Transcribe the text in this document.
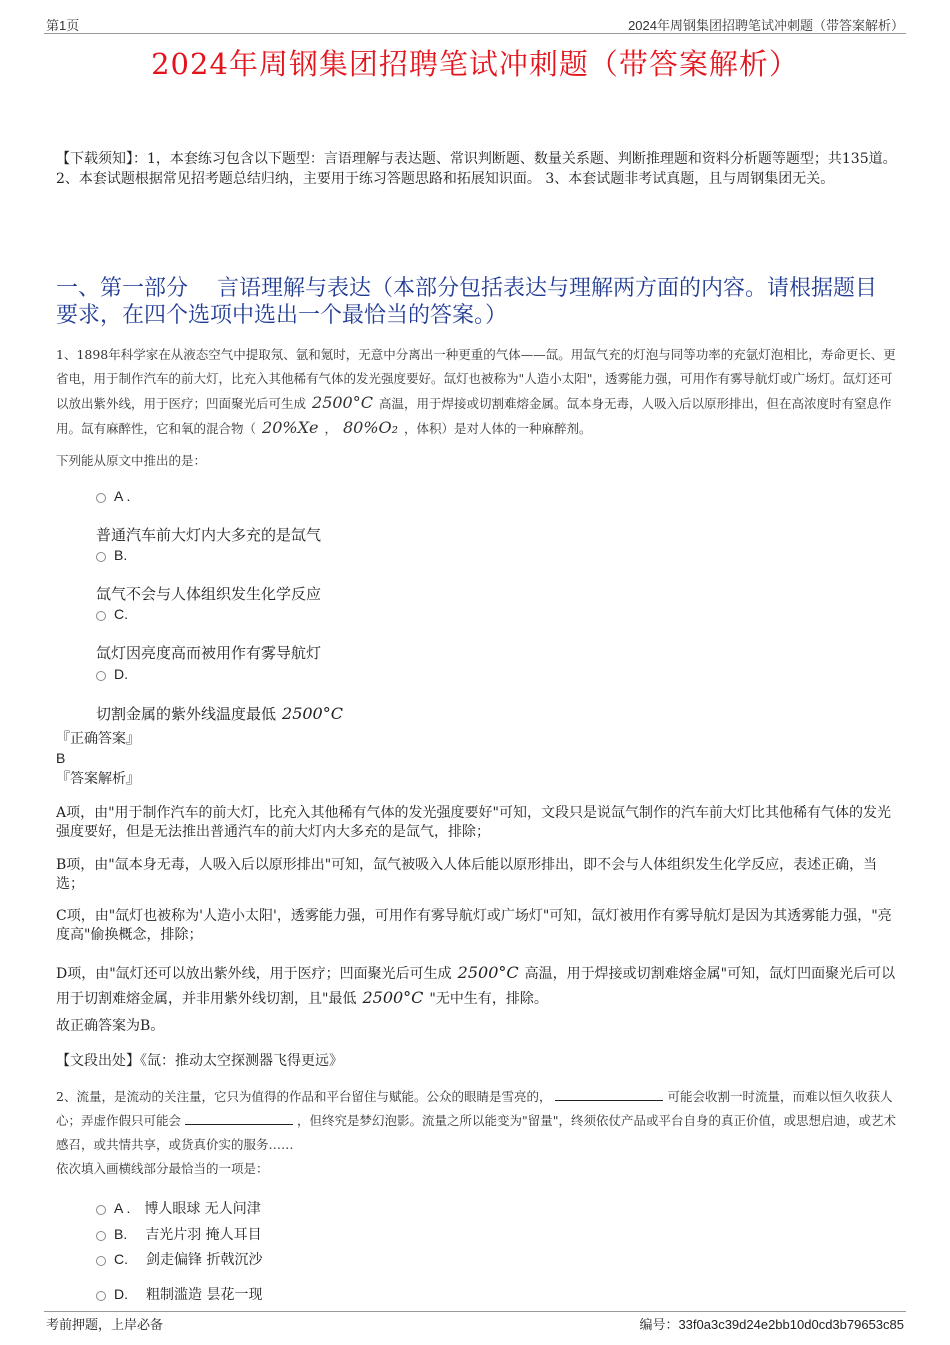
第1页	2024年周钢集团招聘笔试冲刺题（带答案解析）
2024年周钢集团招聘笔试冲刺题（带答案解析）
【下载须知】：1，本套练习包含以下题型：言语理解与表达题、常识判断题、数量关系题、判断推理题和资料分析题等题型；共135道。 2、本套试题根据常见招考题总结归纳，主要用于练习答题思路和拓展知识面。 3、本套试题非考试真题，且与周钢集团无关。
一、第一部分　 言语理解与表达（本部分包括表达与理解两方面的内容。请根据题目要求，在四个选项中选出一个最恰当的答案。）
1、1898年科学家在从液态空气中提取氖、氩和氪时，无意中分离出一种更重的气体——氙。用氙气充的灯泡与同等功率的充氩灯泡相比，寿命更长、更省电，用于制作汽车的前大灯，比充入其他稀有气体的发光强度要好。氙灯也被称为"人造小太阳"，透雾能力强，可用作有雾导航灯或广场灯。氙灯还可以放出紫外线，用于医疗；凹面聚光后可生成 2500°C 高温，用于焊接或切割难熔金属。氙本身无毒，人吸入后以原形排出，但在高浓度时有窒息作用。氙有麻醉性，它和氧的混合物（ 20%Xe ， 80%O₂ ，体积）是对人体的一种麻醉剂。
下列能从原文中推出的是：
A .
普通汽车前大灯内大多充的是氙气
B.
氙气不会与人体组织发生化学反应
C.
氙灯因亮度高而被用作有雾导航灯
D.
切割金属的紫外线温度最低 2500°C
『正确答案』
B
『答案解析』
A项，由"用于制作汽车的前大灯，比充入其他稀有气体的发光强度要好"可知，文段只是说氙气制作的汽车前大灯比其他稀有气体的发光强度要好，但是无法推出普通汽车的前大灯内大多充的是氙气，排除；
B项，由"氙本身无毒，人吸入后以原形排出"可知，氙气被吸入人体后能以原形排出，即不会与人体组织发生化学反应，表述正确，当选；
C项，由"氙灯也被称为'人造小太阳'，透雾能力强，可用作有雾导航灯或广场灯"可知，氙灯被用作有雾导航灯是因为其透雾能力强，"亮度高"偷换概念，排除；
D项，由"氙灯还可以放出紫外线，用于医疗；凹面聚光后可生成 2500°C 高温，用于焊接或切割难熔金属"可知，氙灯凹面聚光后可以用于切割难熔金属，并非用紫外线切割，且"最低 2500°C "无中生有，排除。
故正确答案为B。
【文段出处】《氙：推动太空探测器飞得更远》
2、流量，是流动的关注量，它只为值得的作品和平台留住与赋能。公众的眼睛是雪亮的，	可能会收割一时流量，而难以恒久收获人心；弄虚作假只可能会	，但终究是梦幻泡影。流量之所以能变为"留量"，终须依仗产品或平台自身的真正价值，或思想启迪，或艺术感召，或共情共享，或货真价实的服务……
依次填入画横线部分最恰当的一项是：
A . 博人眼球 无人问津
B. 吉光片羽 掩人耳目
C. 剑走偏锋 折戟沉沙
D. 粗制滥造 昙花一现
考前押题，上岸必备	编号：33f0a3c39d24e2bb10d0cd3b79653c85
